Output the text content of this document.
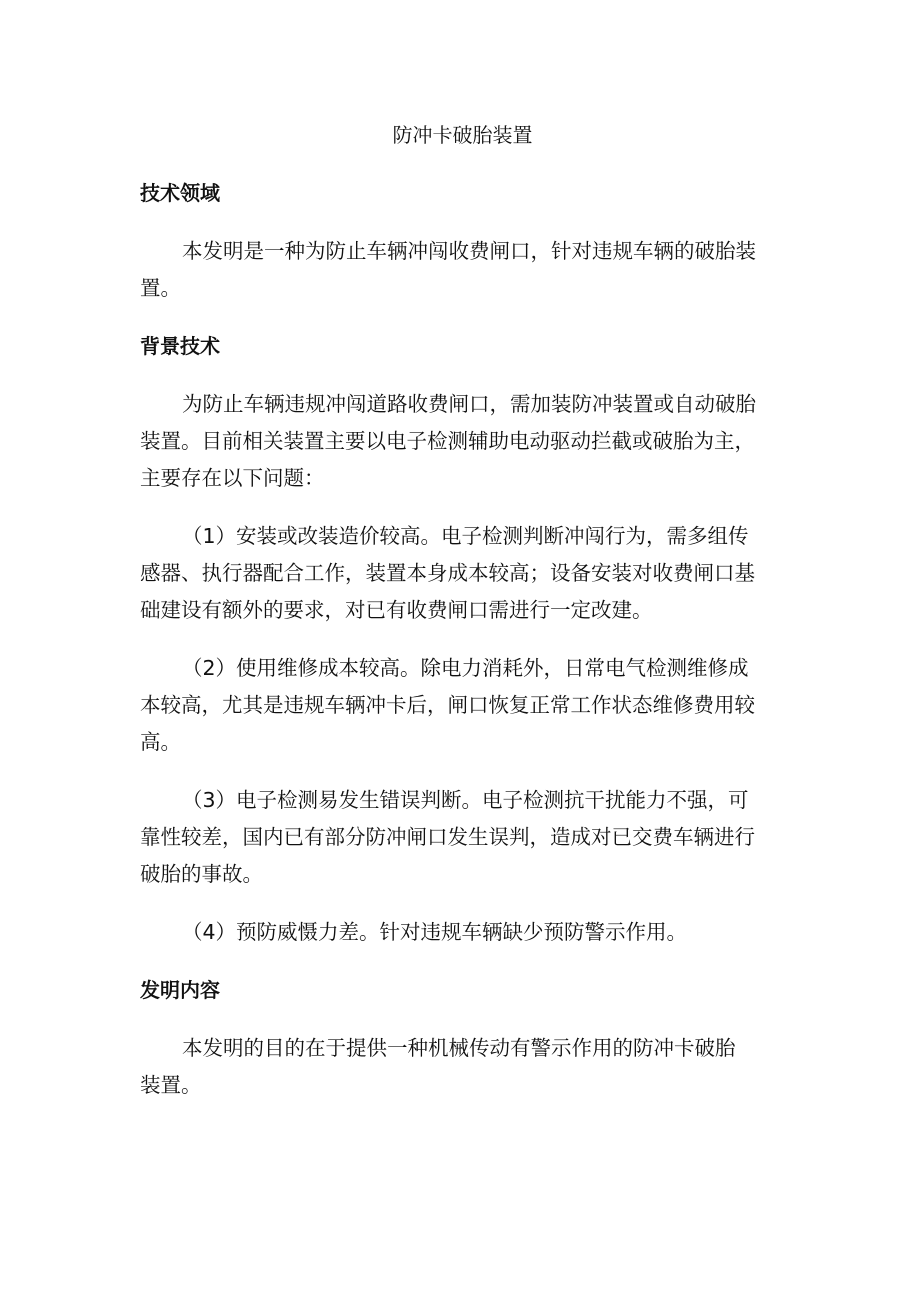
防冲卡破胎装置
技术领域
本发明是一种为防止车辆冲闯收费闸口，针对违规车辆的破胎装
置。
背景技术
为防止车辆违规冲闯道路收费闸口，需加装防冲装置或自动破胎
装置。目前相关装置主要以电子检测辅助电动驱动拦截或破胎为主，
主要存在以下问题：
（1）安装或改装造价较高。电子检测判断冲闯行为，需多组传
感器、执行器配合工作，装置本身成本较高；设备安装对收费闸口基
础建设有额外的要求，对已有收费闸口需进行一定改建。
（2）使用维修成本较高。除电力消耗外，日常电气检测维修成
本较高，尤其是违规车辆冲卡后，闸口恢复正常工作状态维修费用较
高。
（3）电子检测易发生错误判断。电子检测抗干扰能力不强，可
靠性较差，国内已有部分防冲闸口发生误判，造成对已交费车辆进行
破胎的事故。
（4）预防威慑力差。针对违规车辆缺少预防警示作用。
发明内容
本发明的目的在于提供一种机械传动有警示作用的防冲卡破胎
装置。
